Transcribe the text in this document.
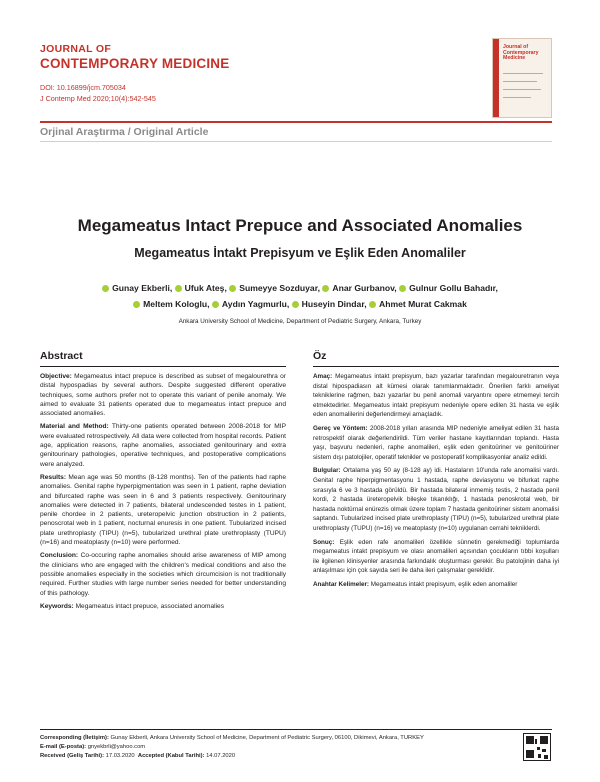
JOURNAL OF
CONTEMPORARY MEDICINE
DOI: 10.16899/jcm.705034
J Contemp Med 2020;10(4):542-545
Journal of Contemporary Medicine
Orjinal Araştırma / Original Article
Megameatus Intact Prepuce and Associated Anomalies
Megameatus İntakt Prepisyum ve Eşlik Eden Anomaliler
Gunay Ekberli, Ufuk Ateş, Sumeyye Sozduyar, Anar Gurbanov, Gulnur Gollu Bahadır,
Meltem Kologlu, Aydın Yagmurlu, Huseyin Dindar, Ahmet Murat Cakmak
Ankara University School of Medicine, Department of Pediatric Surgery, Ankara, Turkey
Abstract

Objective: Megameatus intact prepuce is described as subset of megalourethra or distal hypospadias by several authors. Despite suggested different operative techniques, some authors prefer not to operate this variant of penile anomaly. We aimed to evaluate 31 patients operated due to megameatus intact prepuce and associated anomalies.

Material and Method: Thirty-one patients operated between 2008-2018 for MIP were evaluated retrospectively. All data were collected from hospital records. Patient age, application reasons, raphe anomalies, associated genitourinary and extra genitourinary pathologies, operative techniques, and postoperative complications were analyzed.

Results: Mean age was 50 months (8-128 months). Ten of the patients had raphe anomalies. Genital raphe hyperpigmentation was seen in 1 patient, raphe deviation and bifurcated raphe was seen in 6 and 3 patients respectively. Genitourinary anomalies were detected in 7 patients, bilateral undescended testes in 1 patient, penile chordee in 2 patients, ureteropelvic junction obstruction in 2 patients, penoscrotal web in 1 patient, nocturnal enuresis in one patient. Tubularized incised plate urethroplasty (TIPU) (n=5), tubularized urethral plate urethroplasty (TUPU) (n=16) and meatoplasty (n=10) were performed.

Conclusion: Co-occuring raphe anomalies should arise awareness of MIP among the clinicians who are engaged with the children's medical conditions and also the possible anomalies especially in the societies which circumcision is not traditionally required. Further studies with large number series needed for better understanding of this pathology.

Keywords: Megameatus intact prepuce, associated anomalies

Öz

Amaç: Megameatus intakt prepisyum, bazı yazarlar tarafından megalouretranın veya distal hipospadiasın alt kümesi olarak tanımlanmaktadır. Önerilen farklı ameliyat tekniklerine rağmen, bazı yazarlar bu penil anomali varyantını opere etmemeyi tercih etmektedirler. Megameatus intakt prepisyum nedeniyle opere edilen 31 hasta ve eşlik eden anomalilerini değerlendirmeyi amaçladık.

Gereç ve Yöntem: 2008-2018 yılları arasında MIP nedeniyle ameliyat edilen 31 hasta retrospektif olarak değerlendirildi. Tüm veriler hastane kayıtlarından toplandı. Hasta yaşı, başvuru nedenleri, raphe anomalileri, eşlik eden genitoüriner ve genitoüriner sistem dışı patolojiler, operatif teknikler ve postoperatif komplikasyonlar analiz edildi.

Bulgular: Ortalama yaş 50 ay (8-128 ay) idi. Hastaların 10'unda rafe anomalisi vardı. Genital raphe hiperpigmentasyonu 1 hastada, raphe deviasyonu ve bifurkat raphe sırasıyla 6 ve 3 hastada görüldü. Bir hastada bilateral inmemiş testis, 2 hastada penil kordi, 2 hastada üreteropelvik bileşke tıkanıklığı, 1 hastada penoskrotal web, bir hastada noktürnal enürezis olmak üzere toplam 7 hastada genitoüriner sistem anomalisi saptandı. Tubularized incised plate urethroplasty (TIPU) (n=5), tubularized urethral plate urethroplasty (TUPU) (n=16) ve meatoplasty (n=10) uygulanan cerrahi tekniklerdi.

Sonuç: Eşlik eden rafe anomalileri özellikle sünnetin gerekmediği toplumlarda megameatus intakt prepisyum ve olası anomalileri açısından çocukların tıbbi koşulları ile ilgilenen klinisyenler arasında farkındalık oluşturması gerekir. Bu patolojinin daha iyi anlaşılması için çok sayıda seri ile daha ileri çalışmalar gereklidir.

Anahtar Kelimeler: Megameatus intakt prepisyum, eşlik eden anomaliler

Corresponding (İletişim): Gunay Ekberli, Ankara University School of Medicine, Department of Pediatric Surgery, 06100, Dikimevi, Ankara, TURKEY
E-mail (E-posta): gnyekbrli@yahoo.com
Received (Geliş Tarihi): 17.03.2020 Accepted (Kabul Tarihi): 14.07.2020
